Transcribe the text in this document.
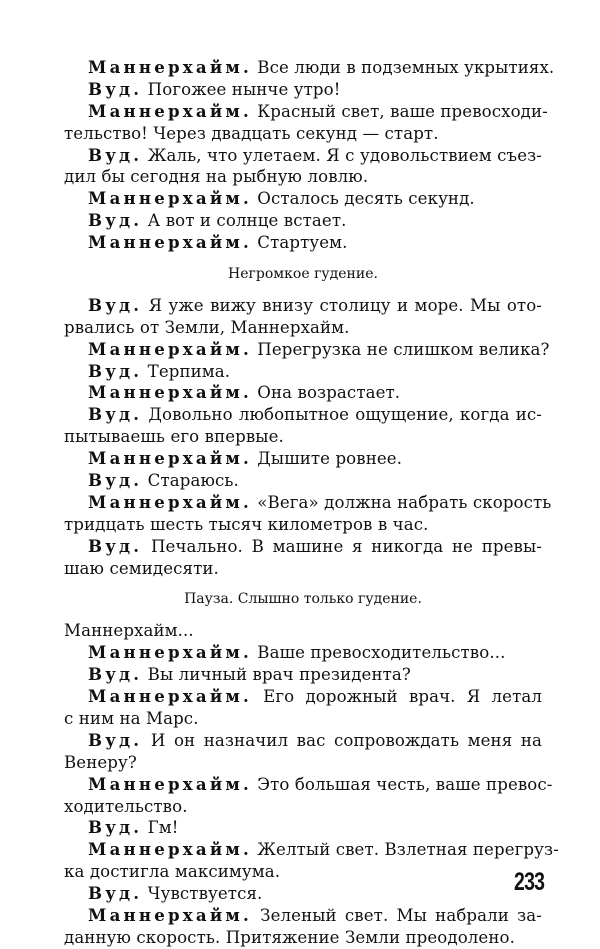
Маннерхайм. Все люди в подземных укрытиях.
Вуд. Погожее нынче утро!
Маннерхайм. Красный свет, ваше превосходи-
тельство! Через двадцать секунд — старт.
Вуд. Жаль, что улетаем. Я с удовольствием съез-
дил бы сегодня на рыбную ловлю.
Маннерхайм. Осталось десять секунд.
Вуд. А вот и солнце встает.
Маннерхайм. Стартуем.
Негромкое гудение.
Вуд. Я уже вижу внизу столицу и море. Мы ото-
рвались от Земли, Маннерхайм.
Маннерхайм. Перегрузка не слишком велика?
Вуд. Терпима.
Маннерхайм. Она возрастает.
Вуд. Довольно любопытное ощущение, когда ис-
пытываешь его впервые.
Маннерхайм. Дышите ровнее.
Вуд. Стараюсь.
Маннерхайм. «Вега» должна набрать скорость
тридцать шесть тысяч километров в час.
Вуд. Печально. В машине я никогда не превы-
шаю семидесяти.
Пауза. Слышно только гудение.
Маннерхайм...
Маннерхайм. Ваше превосходительство...
Вуд. Вы личный врач президента?
Маннерхайм. Его дорожный врач. Я летал
с ним на Марс.
Вуд. И он назначил вас сопровождать меня на
Венеру?
Маннерхайм. Это большая честь, ваше превос-
ходительство.
Вуд. Гм!
Маннерхайм. Желтый свет. Взлетная перегруз-
ка достигла максимума.
Вуд. Чувствуется.
Маннерхайм. Зеленый свет. Мы набрали за-
данную скорость. Притяжение Земли преодолено.
233
